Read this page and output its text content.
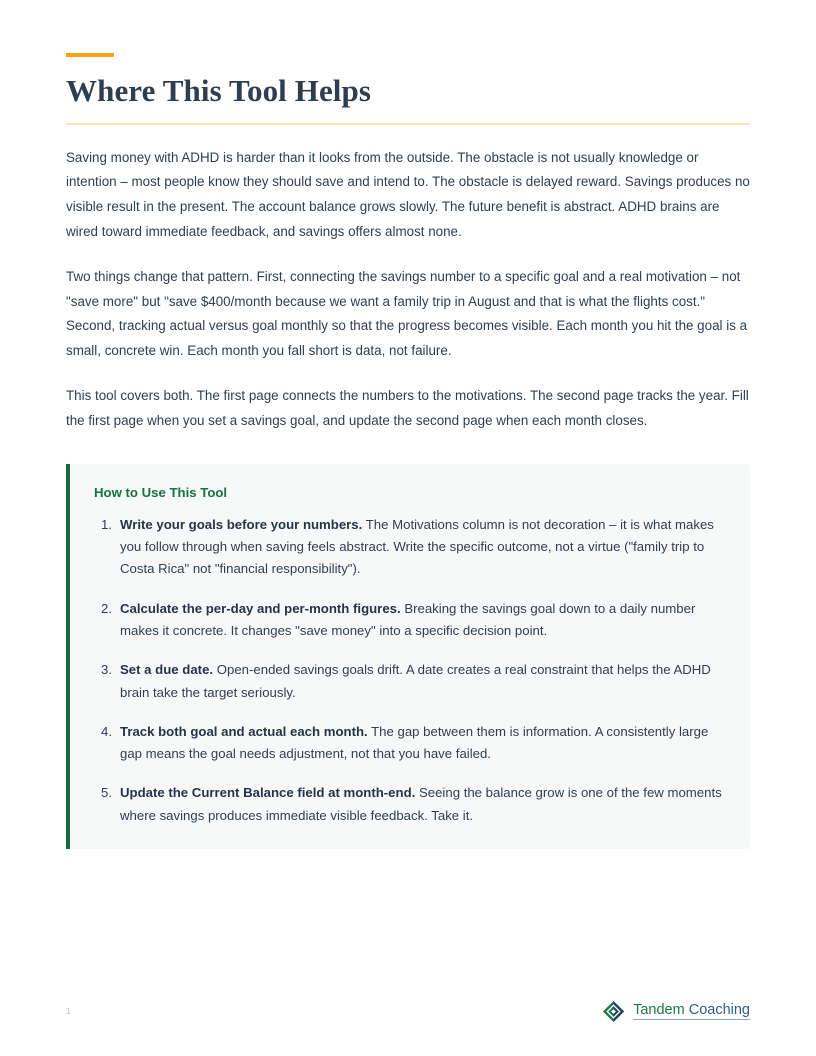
Where This Tool Helps

Saving money with ADHD is harder than it looks from the outside. The obstacle is not usually knowledge or intention – most people know they should save and intend to. The obstacle is delayed reward. Savings produces no visible result in the present. The account balance grows slowly. The future benefit is abstract. ADHD brains are wired toward immediate feedback, and savings offers almost none.

Two things change that pattern. First, connecting the savings number to a specific goal and a real motivation – not "save more" but "save $400/month because we want a family trip in August and that is what the flights cost." Second, tracking actual versus goal monthly so that the progress becomes visible. Each month you hit the goal is a small, concrete win. Each month you fall short is data, not failure.

This tool covers both. The first page connects the numbers to the motivations. The second page tracks the year. Fill the first page when you set a savings goal, and update the second page when each month closes.

How to Use This Tool
Write your goals before your numbers. The Motivations column is not decoration – it is what makes you follow through when saving feels abstract. Write the specific outcome, not a virtue ("family trip to Costa Rica" not "financial responsibility").
Calculate the per-day and per-month figures. Breaking the savings goal down to a daily number makes it concrete. It changes "save money" into a specific decision point.
Set a due date. Open-ended savings goals drift. A date creates a real constraint that helps the ADHD brain take the target seriously.
Track both goal and actual each month. The gap between them is information. A consistently large gap means the goal needs adjustment, not that you have failed.
Update the Current Balance field at month-end. Seeing the balance grow is one of the few moments where savings produces immediate visible feedback. Take it.
1	Tandem Coaching
